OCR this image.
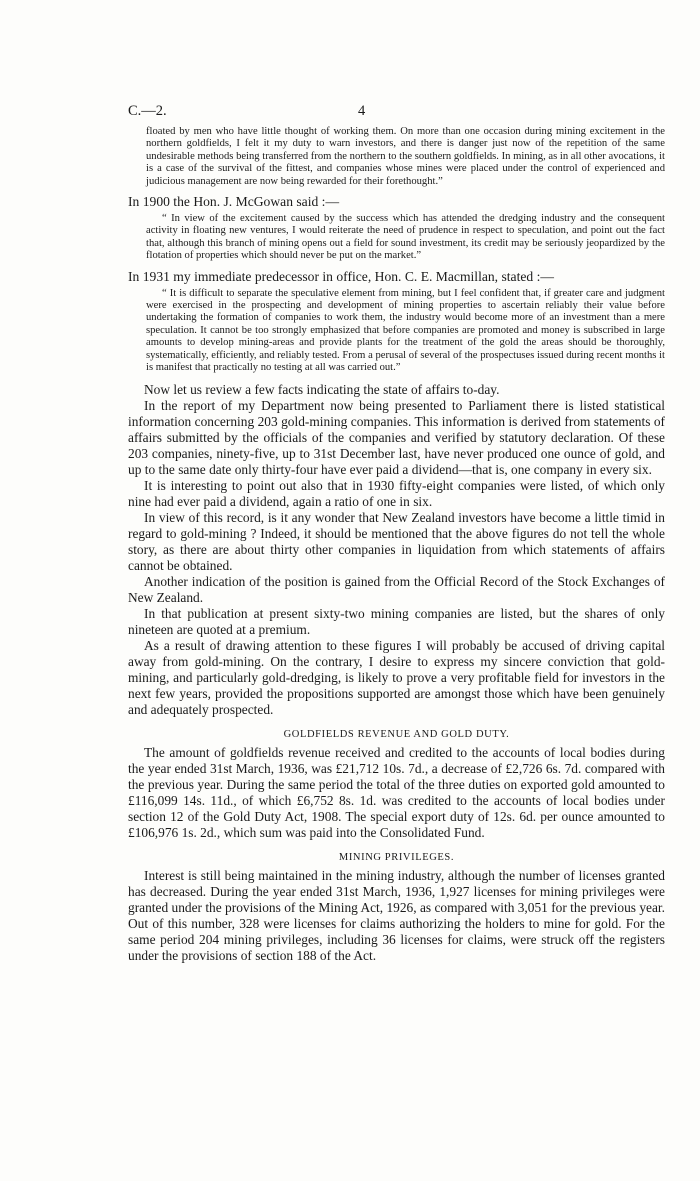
C.—2.	4

floated by men who have little thought of working them. On more than one occasion during mining excitement in the northern goldfields, I felt it my duty to warn investors, and there is danger just now of the repetition of the same undesirable methods being transferred from the northern to the southern goldfields. In mining, as in all other avocations, it is a case of the survival of the fittest, and companies whose mines were placed under the control of experienced and judicious management are now being rewarded for their forethought.”

In 1900 the Hon. J. McGowan said :—

“ In view of the excitement caused by the success which has attended the dredging industry and the consequent activity in floating new ventures, I would reiterate the need of prudence in respect to speculation, and point out the fact that, although this branch of mining opens out a field for sound investment, its credit may be seriously jeopardized by the flotation of properties which should never be put on the market.”

In 1931 my immediate predecessor in office, Hon. C. E. Macmillan, stated :—

“ It is difficult to separate the speculative element from mining, but I feel confident that, if greater care and judgment were exercised in the prospecting and development of mining properties to ascertain reliably their value before undertaking the formation of companies to work them, the industry would become more of an investment than a mere speculation. It cannot be too strongly emphasized that before companies are promoted and money is subscribed in large amounts to develop mining-areas and provide plants for the treatment of the gold the areas should be thoroughly, systematically, efficiently, and reliably tested. From a perusal of several of the prospectuses issued during recent months it is manifest that practically no testing at all was carried out.”

Now let us review a few facts indicating the state of affairs to-day.

In the report of my Department now being presented to Parliament there is listed statistical information concerning 203 gold-mining companies. This information is derived from statements of affairs submitted by the officials of the companies and verified by statutory declaration. Of these 203 companies, ninety-five, up to 31st December last, have never produced one ounce of gold, and up to the same date only thirty-four have ever paid a dividend—that is, one company in every six.

It is interesting to point out also that in 1930 fifty-eight companies were listed, of which only nine had ever paid a dividend, again a ratio of one in six.

In view of this record, is it any wonder that New Zealand investors have become a little timid in regard to gold-mining ? Indeed, it should be mentioned that the above figures do not tell the whole story, as there are about thirty other companies in liquidation from which statements of affairs cannot be obtained.

Another indication of the position is gained from the Official Record of the Stock Exchanges of New Zealand.

In that publication at present sixty-two mining companies are listed, but the shares of only nineteen are quoted at a premium.

As a result of drawing attention to these figures I will probably be accused of driving capital away from gold-mining. On the contrary, I desire to express my sincere conviction that gold-mining, and particularly gold-dredging, is likely to prove a very profitable field for investors in the next few years, provided the propositions supported are amongst those which have been genuinely and adequately prospected.

GOLDFIELDS REVENUE AND GOLD DUTY.

The amount of goldfields revenue received and credited to the accounts of local bodies during the year ended 31st March, 1936, was £21,712 10s. 7d., a decrease of £2,726 6s. 7d. compared with the previous year. During the same period the total of the three duties on exported gold amounted to £116,099 14s. 11d., of which £6,752 8s. 1d. was credited to the accounts of local bodies under section 12 of the Gold Duty Act, 1908. The special export duty of 12s. 6d. per ounce amounted to £106,976 1s. 2d., which sum was paid into the Consolidated Fund.

MINING PRIVILEGES.

Interest is still being maintained in the mining industry, although the number of licenses granted has decreased. During the year ended 31st March, 1936, 1,927 licenses for mining privileges were granted under the provisions of the Mining Act, 1926, as compared with 3,051 for the previous year. Out of this number, 328 were licenses for claims authorizing the holders to mine for gold. For the same period 204 mining privileges, including 36 licenses for claims, were struck off the registers under the provisions of section 188 of the Act.
